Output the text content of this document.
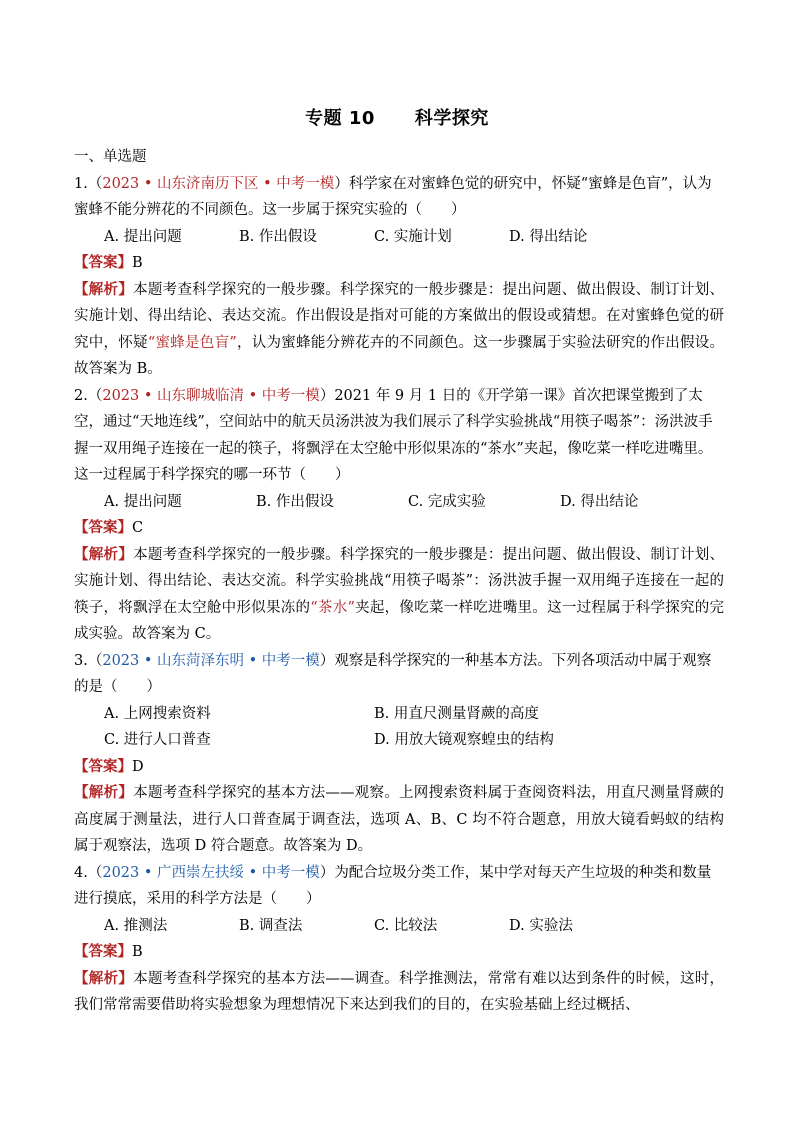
专题 10 科学探究
一、单选题
1.（2023 • 山东济南历下区 • 中考一模）科学家在对蜜蜂色觉的研究中，怀疑“蜜蜂是色盲”，认为蜜蜂不能分辨花的不同颜色。这一步属于探究实验的（　　）
A. 提出问题	B. 作出假设	C. 实施计划	D. 得出结论
【答案】B
【解析】本题考查科学探究的一般步骤。科学探究的一般步骤是：提出问题、做出假设、制订计划、实施计划、得出结论、表达交流。作出假设是指对可能的方案做出的假设或猜想。在对蜜蜂色觉的研究中，怀疑“蜜蜂是色盲”，认为蜜蜂能分辨花卉的不同颜色。这一步骤属于实验法研究的作出假设。故答案为 B。
2.（2023 • 山东聊城临清 • 中考一模）2021 年 9 月 1 日的《开学第一课》首次把课堂搬到了太空，通过“天地连线”，空间站中的航天员汤洪波为我们展示了科学实验挑战“用筷子喝茶”：汤洪波手握一双用绳子连接在一起的筷子，将飘浮在太空舱中形似果冻的“茶水”夹起，像吃菜一样吃进嘴里。这一过程属于科学探究的哪一环节（　　）
A. 提出问题	B. 作出假设	C. 完成实验	D. 得出结论
【答案】C
【解析】本题考查科学探究的一般步骤。科学探究的一般步骤是：提出问题、做出假设、制订计划、实施计划、得出结论、表达交流。科学实验挑战“用筷子喝茶”：汤洪波手握一双用绳子连接在一起的筷子，将飘浮在太空舱中形似果冻的“茶水”夹起，像吃菜一样吃进嘴里。这一过程属于科学探究的完成实验。故答案为 C。
3.（2023 • 山东菏泽东明 • 中考一模）观察是科学探究的一种基本方法。下列各项活动中属于观察的是（　　）
A. 上网搜索资料	B. 用直尺测量肾蕨的高度
C. 进行人口普查	D. 用放大镜观察蝗虫的结构
【答案】D
【解析】本题考查科学探究的基本方法——观察。上网搜索资料属于查阅资料法，用直尺测量肾蕨的高度属于测量法，进行人口普查属于调查法，选项 A、B、C 均不符合题意，用放大镜看蚂蚁的结构属于观察法，选项 D 符合题意。故答案为 D。
4.（2023 • 广西崇左扶绥 • 中考一模）为配合垃圾分类工作，某中学对每天产生垃圾的种类和数量进行摸底，采用的科学方法是（　　）
A. 推测法	B. 调查法	C. 比较法	D. 实验法
【答案】B
【解析】本题考查科学探究的基本方法——调查。科学推测法，常常有难以达到条件的时候，这时，我们常常需要借助将实验想象为理想情况下来达到我们的目的，在实验基础上经过概括、
